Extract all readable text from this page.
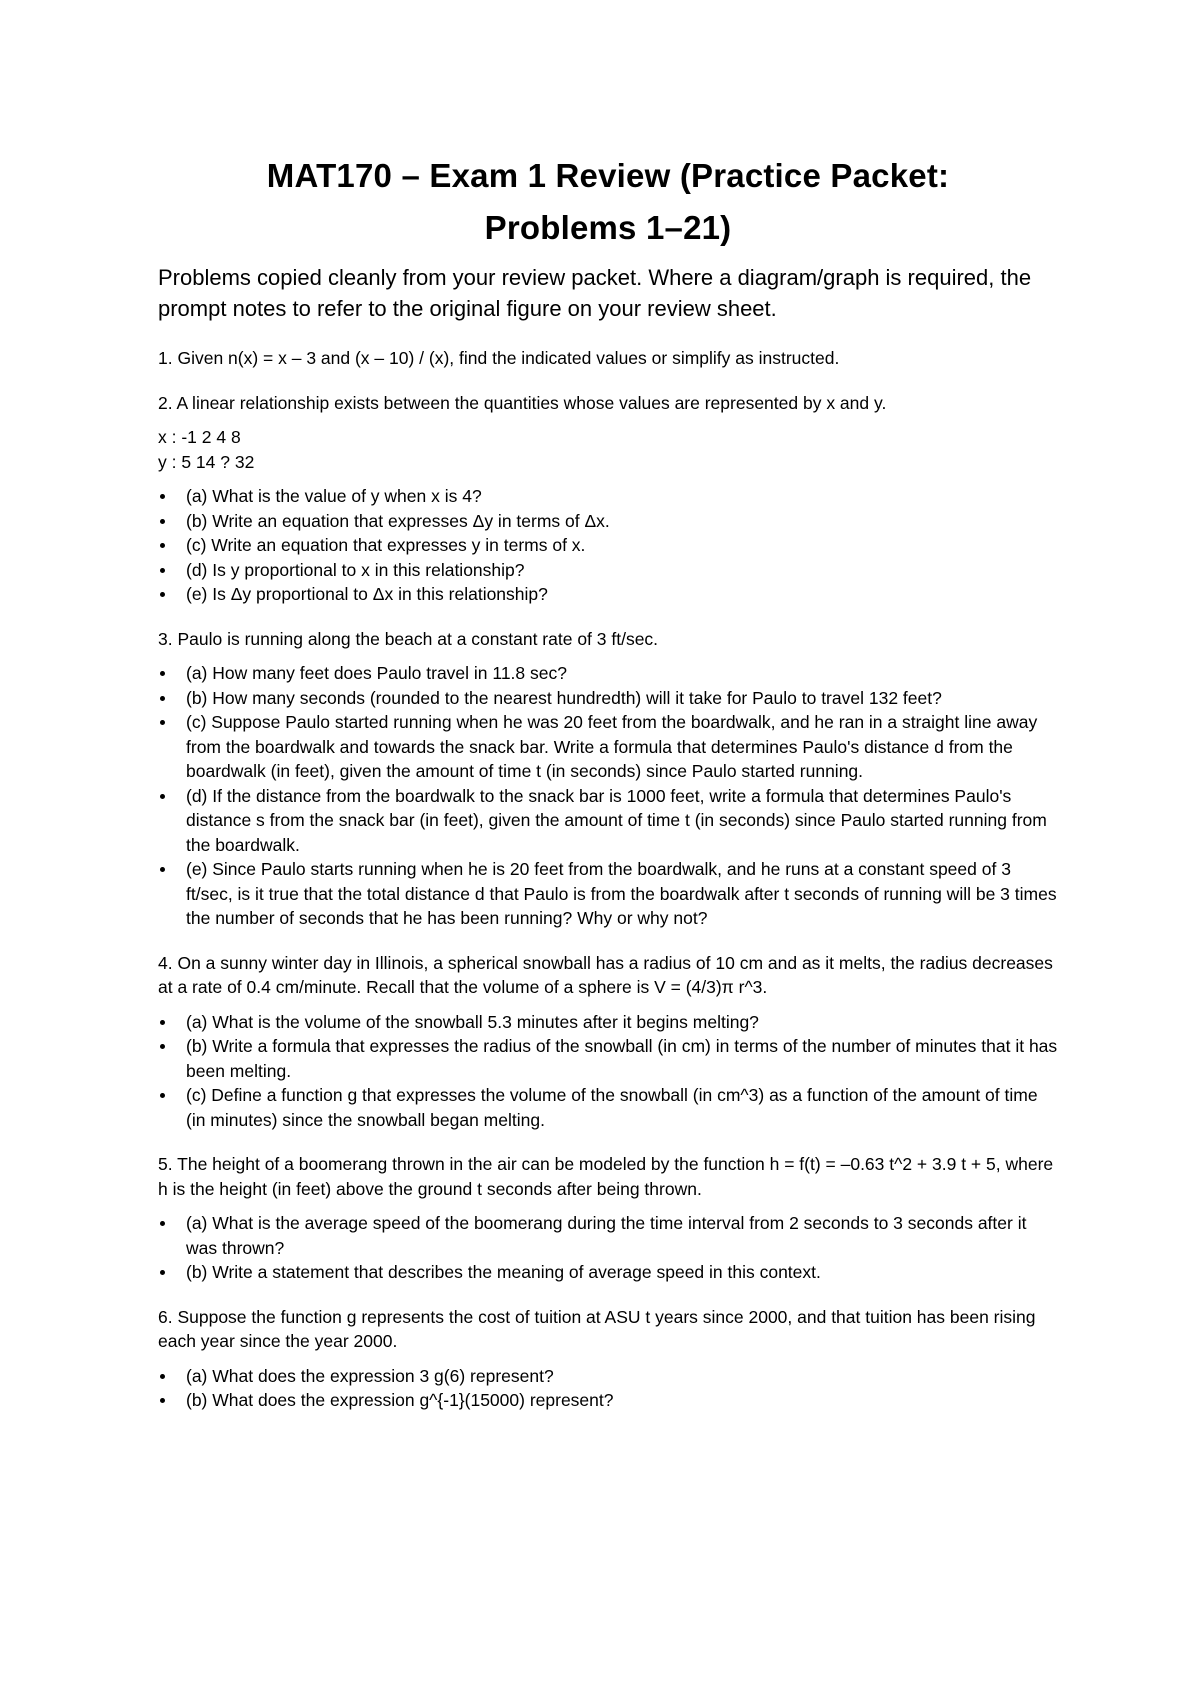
MAT170 – Exam 1 Review (Practice Packet:
Problems 1–21)

Problems copied cleanly from your review packet. Where a diagram/graph is required, the prompt notes to refer to the original figure on your review sheet.

1. Given n(x) = x – 3 and (x – 10) / (x), find the indicated values or simplify as instructed.

2. A linear relationship exists between the quantities whose values are represented by x and y.

x : -1 2 4 8
y : 5 14 ? 32
(a) What is the value of y when x is 4?
(b) Write an equation that expresses Δy in terms of Δx.
(c) Write an equation that expresses y in terms of x.
(d) Is y proportional to x in this relationship?
(e) Is Δy proportional to Δx in this relationship?

3. Paulo is running along the beach at a constant rate of 3 ft/sec.

(a) How many feet does Paulo travel in 11.8 sec?
(b) How many seconds (rounded to the nearest hundredth) will it take for Paulo to travel 132 feet?
(c) Suppose Paulo started running when he was 20 feet from the boardwalk, and he ran in a straight line away from the boardwalk and towards the snack bar. Write a formula that determines Paulo's distance d from the boardwalk (in feet), given the amount of time t (in seconds) since Paulo started running.
(d) If the distance from the boardwalk to the snack bar is 1000 feet, write a formula that determines Paulo's distance s from the snack bar (in feet), given the amount of time t (in seconds) since Paulo started running from the boardwalk.
(e) Since Paulo starts running when he is 20 feet from the boardwalk, and he runs at a constant speed of 3 ft/sec, is it true that the total distance d that Paulo is from the boardwalk after t seconds of running will be 3 times the number of seconds that he has been running? Why or why not?

4. On a sunny winter day in Illinois, a spherical snowball has a radius of 10 cm and as it melts, the radius decreases at a rate of 0.4 cm/minute. Recall that the volume of a sphere is V = (4/3)π r^3.

(a) What is the volume of the snowball 5.3 minutes after it begins melting?
(b) Write a formula that expresses the radius of the snowball (in cm) in terms of the number of minutes that it has been melting.
(c) Define a function g that expresses the volume of the snowball (in cm^3) as a function of the amount of time (in minutes) since the snowball began melting.

5. The height of a boomerang thrown in the air can be modeled by the function h = f(t) = –0.63 t^2 + 3.9 t + 5, where h is the height (in feet) above the ground t seconds after being thrown.

(a) What is the average speed of the boomerang during the time interval from 2 seconds to 3 seconds after it was thrown?
(b) Write a statement that describes the meaning of average speed in this context.

6. Suppose the function g represents the cost of tuition at ASU t years since 2000, and that tuition has been rising each year since the year 2000.

(a) What does the expression 3 g(6) represent?
(b) What does the expression g^{-1}(15000) represent?
